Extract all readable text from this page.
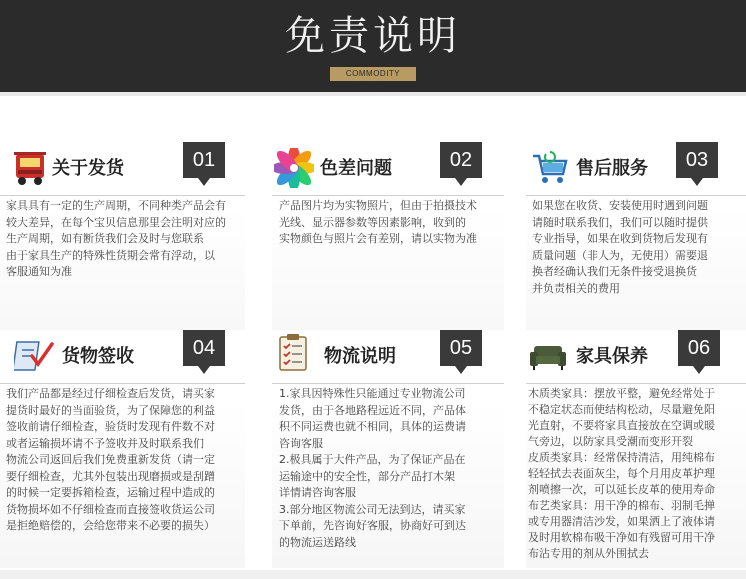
免责说明
COMMODITY SCENE
关于发货	01
家具具有一定的生产周期，不同种类产品会有
较大差异，在每个宝贝信息那里会注明对应的
生产周期，如有断货我们会及时与您联系
由于家具生产的特殊性货期会常有浮动，以
客服通知为准
色差问题	02
产品图片均为实物照片，但由于拍摄技术
光线、显示器参数等因素影响，收到的
实物颜色与照片会有差别，请以实物为准
售后服务	03
如果您在收货、安装使用时遇到问题
请随时联系我们，我们可以随时提供
专业指导，如果在收到货物后发现有
质量问题（非人为，无使用）需要退
换者经确认我们无条件接受退换货
并负责相关的费用
货物签收	04
我们产品都是经过仔细检查后发货，请买家
提货时最好的当面验货，为了保障您的利益
签收前请仔细检查，验货时发现有件数不对
或者运输损坏请不予签收并及时联系我们
物流公司返回后我们免费重新发货（请一定
要仔细检查，尤其外包装出现磨损或是刮蹭
的时候一定要拆箱检查，运输过程中造成的
货物损坏如不仔细检查而直接签收货运公司
是拒绝赔偿的，会给您带来不必要的损失）
物流说明	05
1.家具因特殊性只能通过专业物流公司
发货，由于各地路程远近不同，产品体
积不同运费也就不相同，具体的运费请
咨询客服
2.极具属于大件产品，为了保证产品在
运输途中的安全性，部分产品打木架
详情请咨询客服
3.部分地区物流公司无法到达，请买家
下单前，先咨询好客服，协商好可到达
的物流运送路线
家具保养	06
木质类家具：摆放平整，避免经常处于
不稳定状态而使结构松动，尽量避免阳
光直射，不要将家具直接放在空调或暖
气旁边，以防家具受潮而变形开裂
皮质类家具：经常保持清洁，用纯棉布
轻轻拭去表面灰尘，每个月用皮革护理
剂喷擦一次，可以延长皮革的使用寿命
布艺类家具：用干净的棉布、羽制毛掸
或专用器清洁沙发，如果洒上了液体请
及时用软棉布吸干净如有残留可用干净
布沾专用的剂从外围拭去
